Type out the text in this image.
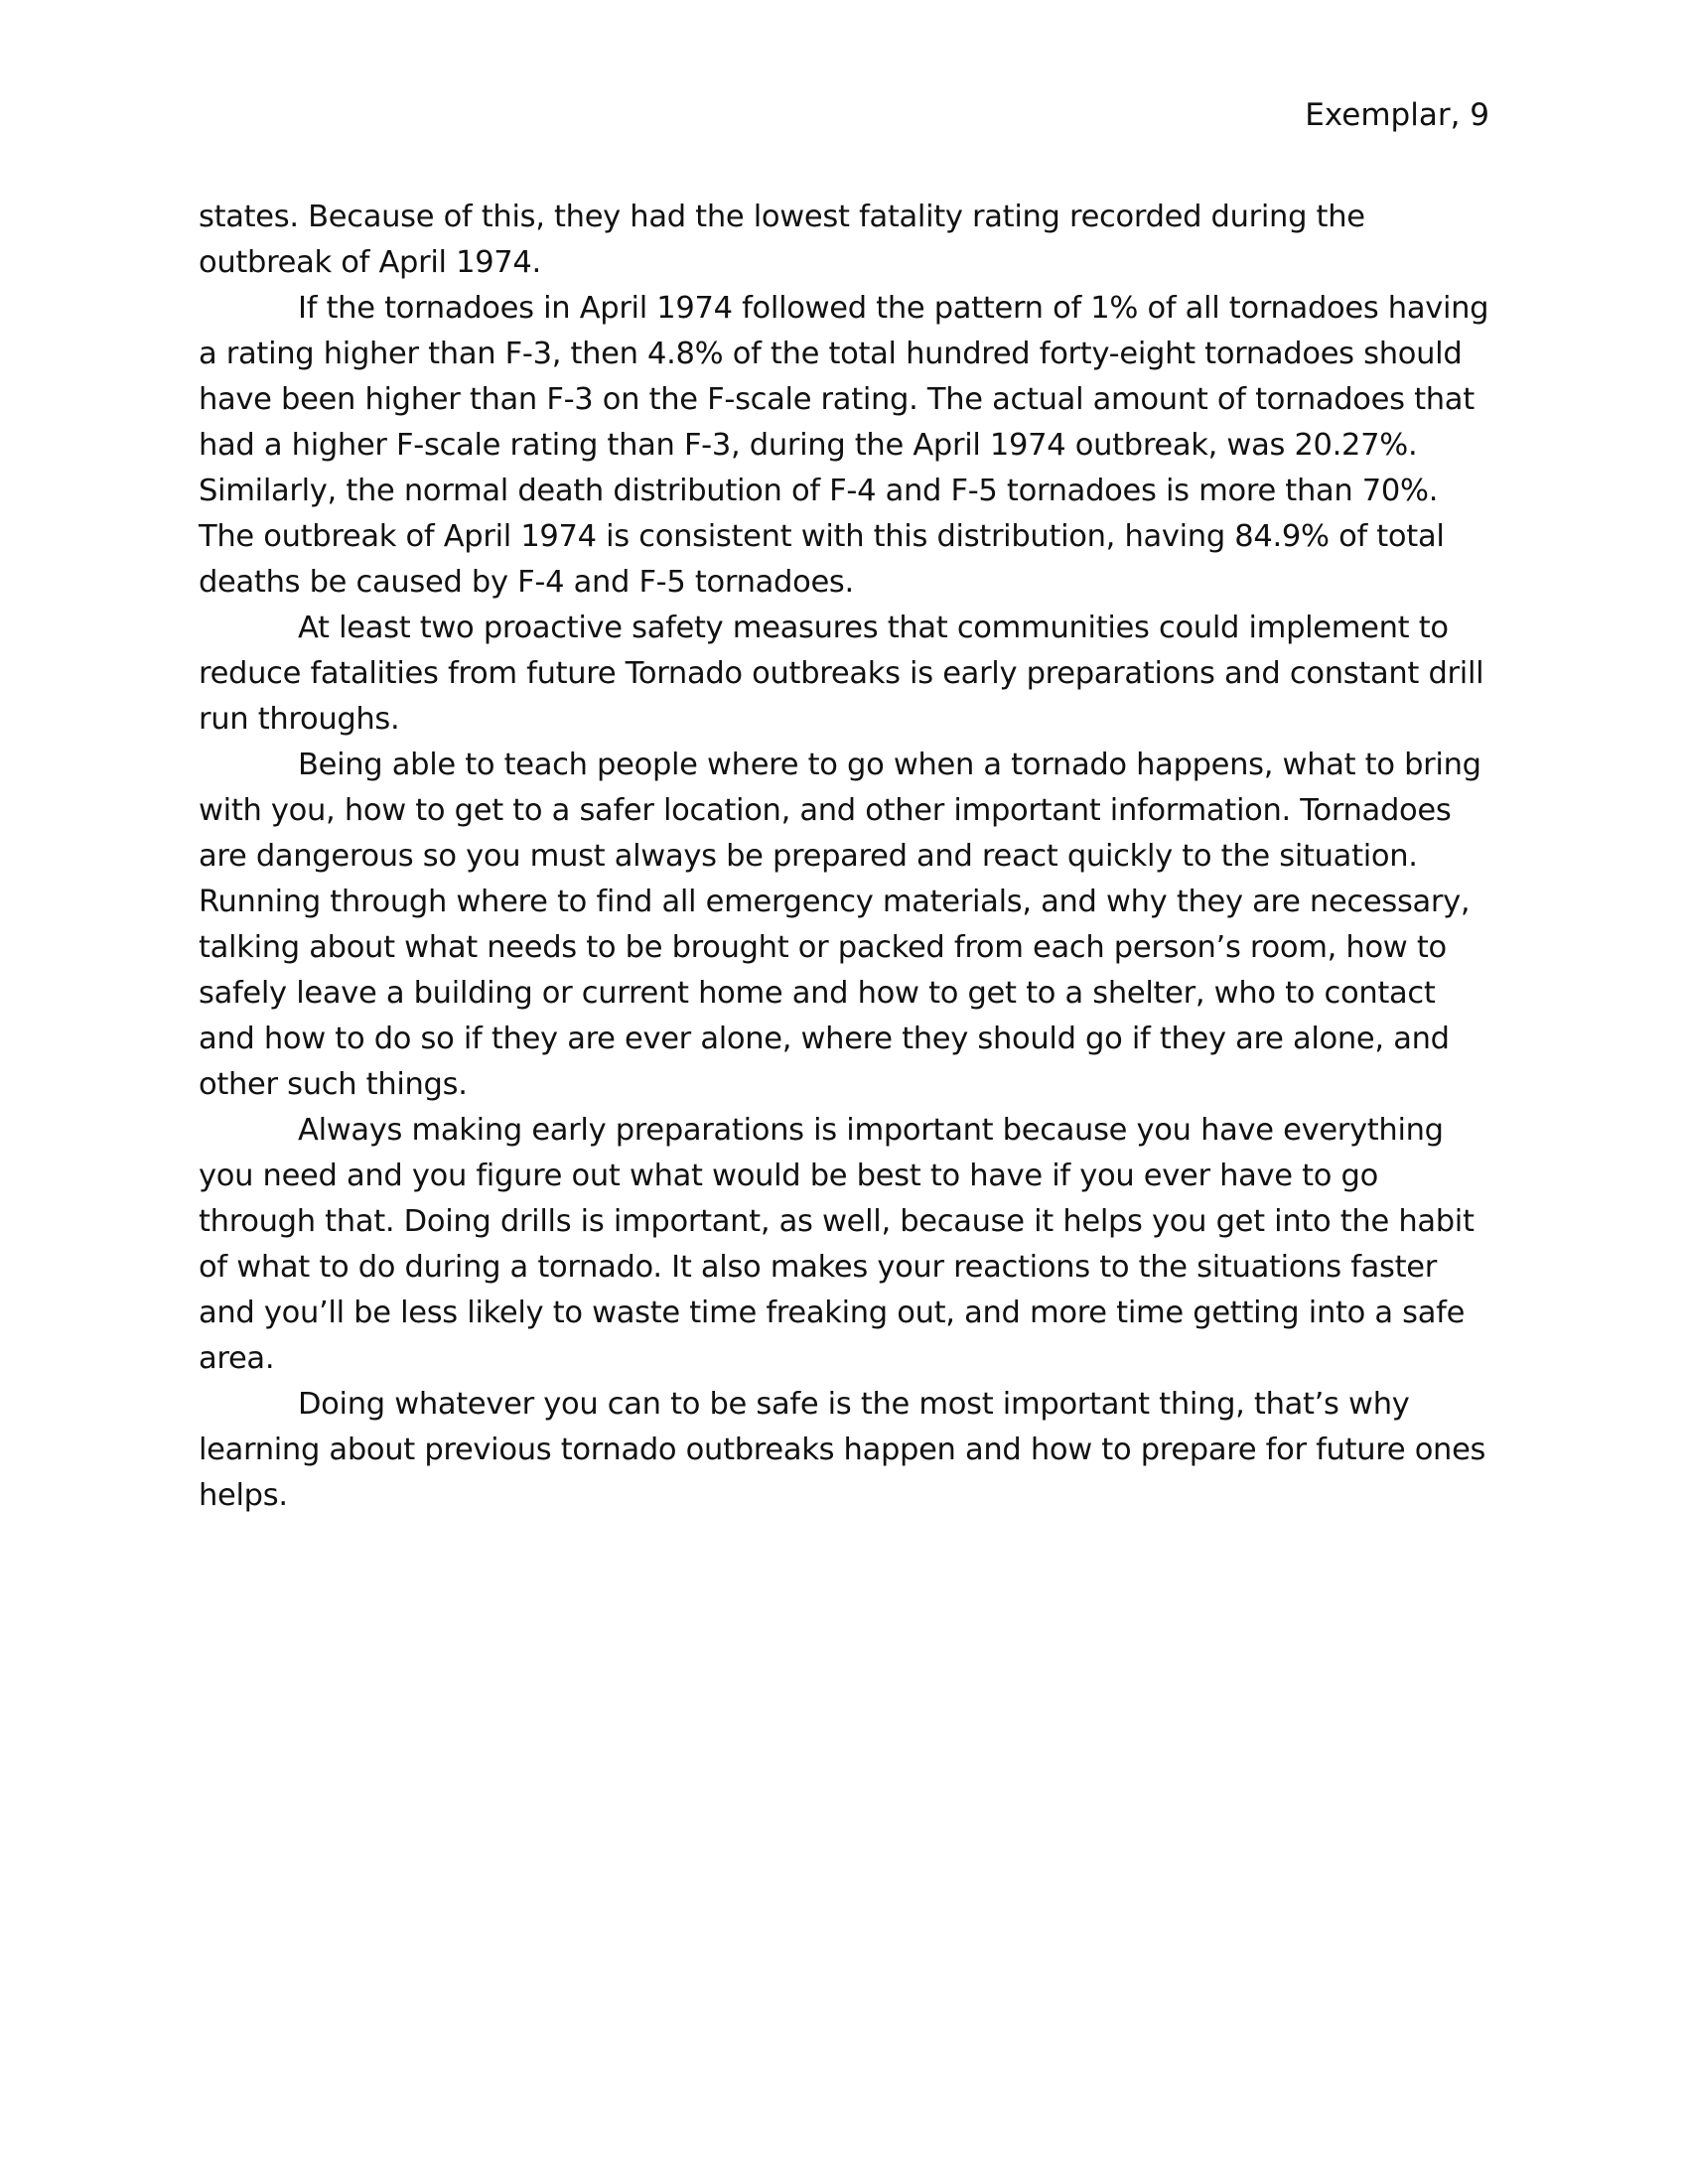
Exemplar, 9

states. Because of this, they had the lowest fatality rating recorded during the outbreak of April 1974.

If the tornadoes in April 1974 followed the pattern of 1% of all tornadoes having a rating higher than F-3, then 4.8% of the total hundred forty-eight tornadoes should have been higher than F-3 on the F-scale rating. The actual amount of tornadoes that had a higher F-scale rating than F-3, during the April 1974 outbreak, was 20.27%. Similarly, the normal death distribution of F-4 and F-5 tornadoes is more than 70%. The outbreak of April 1974 is consistent with this distribution, having 84.9% of total deaths be caused by F-4 and F-5 tornadoes.

At least two proactive safety measures that communities could implement to reduce fatalities from future Tornado outbreaks is early preparations and constant drill run throughs.

Being able to teach people where to go when a tornado happens, what to bring with you, how to get to a safer location, and other important information. Tornadoes are dangerous so you must always be prepared and react quickly to the situation. Running through where to find all emergency materials, and why they are necessary, talking about what needs to be brought or packed from each person’s room, how to safely leave a building or current home and how to get to a shelter, who to contact and how to do so if they are ever alone, where they should go if they are alone, and other such things.

Always making early preparations is important because you have everything you need and you figure out what would be best to have if you ever have to go through that. Doing drills is important, as well, because it helps you get into the habit of what to do during a tornado. It also makes your reactions to the situations faster and you’ll be less likely to waste time freaking out, and more time getting into a safe area.

Doing whatever you can to be safe is the most important thing, that’s why learning about previous tornado outbreaks happen and how to prepare for future ones helps.
